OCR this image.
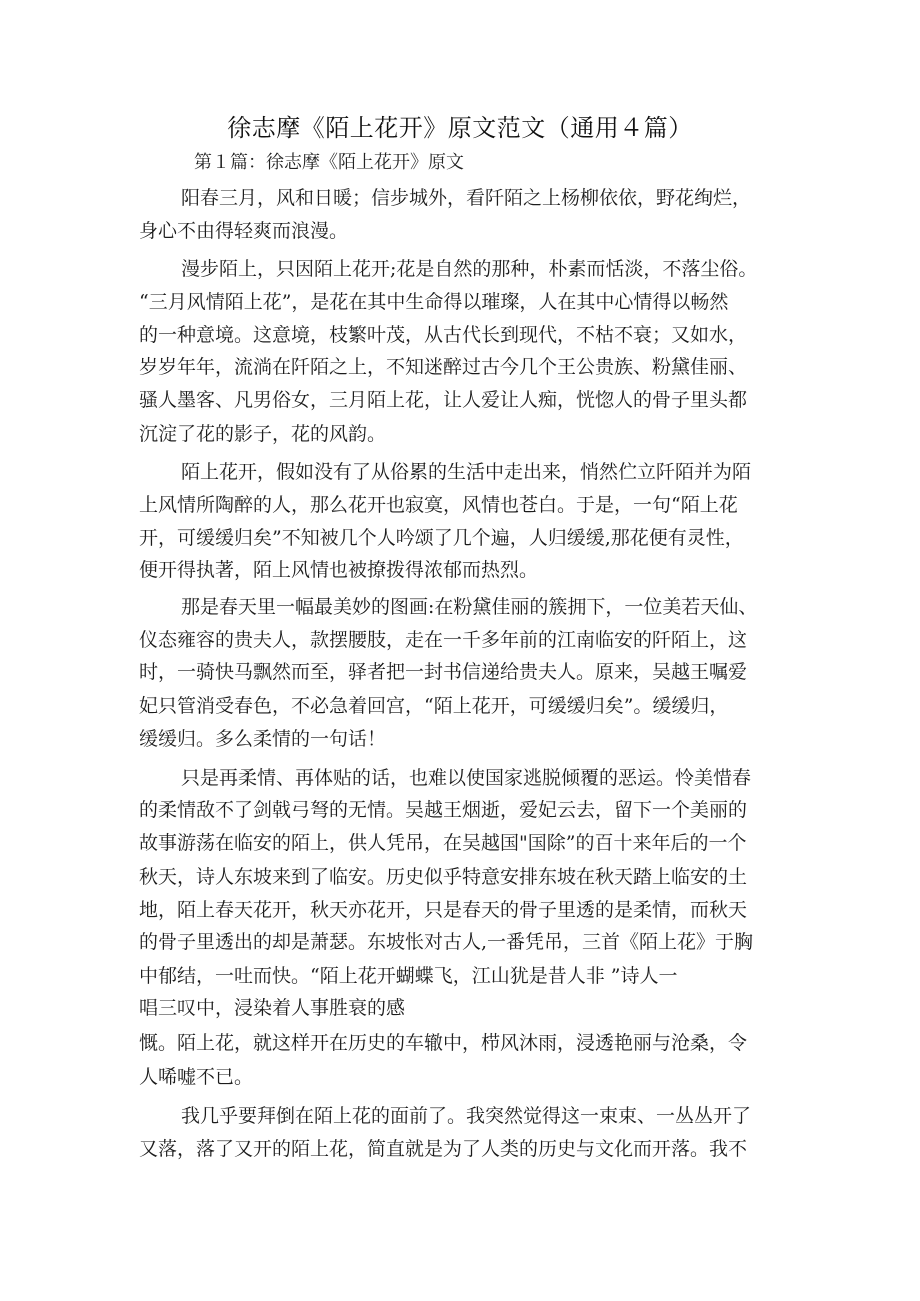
徐志摩《陌上花开》原文范文（通用４篇）
第１篇：徐志摩《陌上花开》原文
阳春三月，风和日暖；信步城外，看阡陌之上杨柳依依，野花绚烂，
身心不由得轻爽而浪漫。
漫步陌上，只因陌上花开;花是自然的那种，朴素而恬淡，不落尘俗。
“三月风情陌上花”，是花在其中生命得以璀璨，人在其中心情得以畅然
的一种意境。这意境，枝繁叶茂，从古代长到现代，不枯不衰；又如水，
岁岁年年，流淌在阡陌之上，不知迷醉过古今几个王公贵族、粉黛佳丽、
骚人墨客、凡男俗女，三月陌上花，让人爱让人痴，恍惚人的骨子里头都
沉淀了花的影子，花的风韵。
陌上花开，假如没有了从俗累的生活中走出来，悄然伫立阡陌并为陌
上风情所陶醉的人，那么花开也寂寞，风情也苍白。于是，一句“陌上花
开，可缓缓归矣”不知被几个人吟颂了几个遍，人归缓缓,那花便有灵性，
便开得执著，陌上风情也被撩拨得浓郁而热烈。
那是春天里一幅最美妙的图画:在粉黛佳丽的簇拥下，一位美若天仙、
仪态雍容的贵夫人，款摆腰肢，走在一千多年前的江南临安的阡陌上，这
时，一骑快马飘然而至，驿者把一封书信递给贵夫人。原来，吴越王嘱爱
妃只管消受春色，不必急着回宫，“陌上花开，可缓缓归矣”。缓缓归，
缓缓归。多么柔情的一句话！
只是再柔情、再体贴的话，也难以使国家逃脱倾覆的恶运。怜美惜春
的柔情敌不了剑戟弓弩的无情。吴越王烟逝，爱妃云去，留下一个美丽的
故事游荡在临安的陌上，供人凭吊，在吴越国"国除”的百十来年后的一个
秋天，诗人东坡来到了临安。历史似乎特意安排东坡在秋天踏上临安的土
地，陌上春天花开，秋天亦花开，只是春天的骨子里透的是柔情，而秋天
的骨子里透出的却是萧瑟。东坡怅对古人,一番凭吊，三首《陌上花》于胸
中郁结，一吐而快。“陌上花开蝴蝶飞，江山犹是昔人非 ”诗人一
唱三叹中，浸染着人事胜衰的感
慨。陌上花，就这样开在历史的车辙中，栉风沐雨，浸透艳丽与沧桑，令
人唏嘘不已。
我几乎要拜倒在陌上花的面前了。我突然觉得这一束束、一丛丛开了
又落，落了又开的陌上花，简直就是为了人类的历史与文化而开落。我不
